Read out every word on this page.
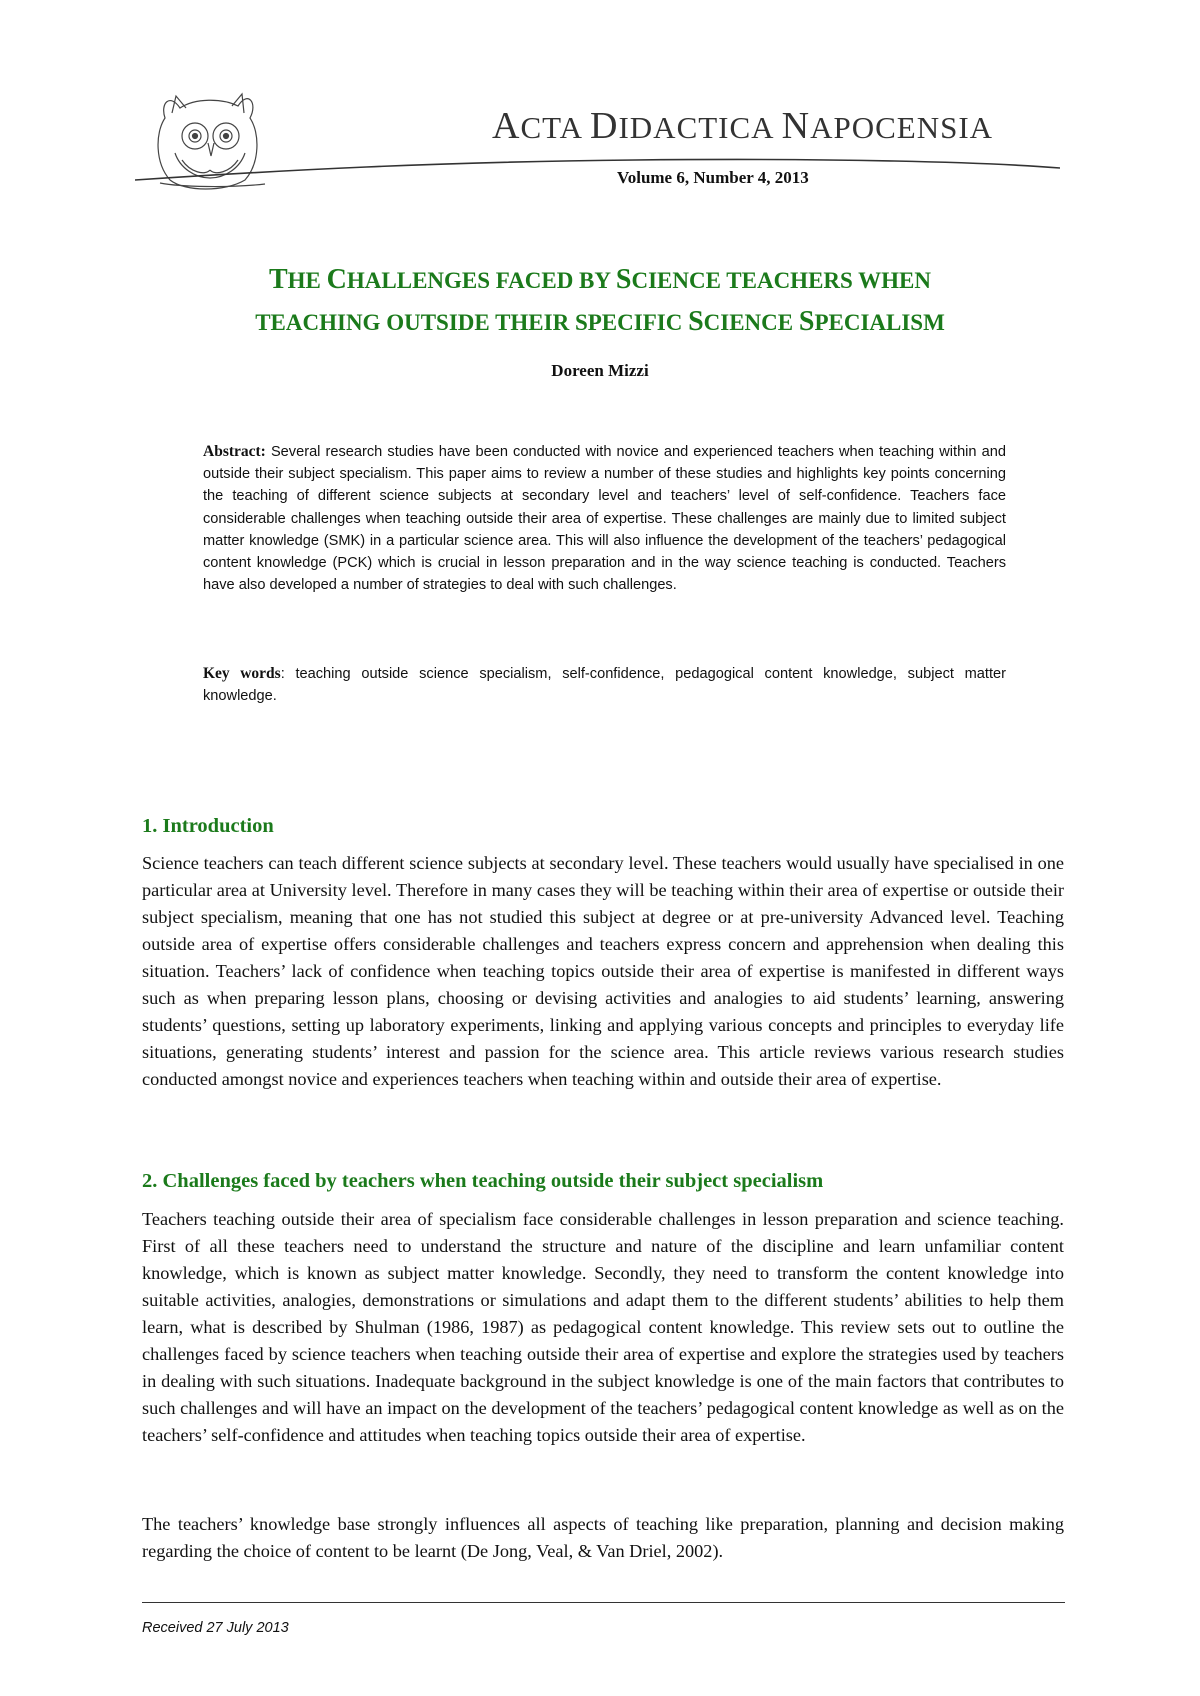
ACTA DIDACTICA NAPOCENSIA
Volume 6, Number 4, 2013
THE CHALLENGES FACED BY SCIENCE TEACHERS WHEN
TEACHING OUTSIDE THEIR SPECIFIC SCIENCE SPECIALISM
Doreen Mizzi
Abstract: Several research studies have been conducted with novice and experienced teachers when teaching within and outside their subject specialism. This paper aims to review a number of these studies and highlights key points concerning the teaching of different science subjects at secondary level and teachers’ level of self-confidence. Teachers face considerable challenges when teaching outside their area of expertise. These challenges are mainly due to limited subject matter knowledge (SMK) in a particular science area. This will also influence the development of the teachers’ pedagogical content knowledge (PCK) which is crucial in lesson preparation and in the way science teaching is conducted. Teachers have also developed a number of strategies to deal with such challenges.
Key words: teaching outside science specialism, self-confidence, pedagogical content knowledge, subject matter knowledge.
1. Introduction
Science teachers can teach different science subjects at secondary level. These teachers would usually have specialised in one particular area at University level. Therefore in many cases they will be teaching within their area of expertise or outside their subject specialism, meaning that one has not studied this subject at degree or at pre-university Advanced level. Teaching outside area of expertise offers considerable challenges and teachers express concern and apprehension when dealing this situation. Teachers’ lack of confidence when teaching topics outside their area of expertise is manifested in different ways such as when preparing lesson plans, choosing or devising activities and analogies to aid students’ learning, answering students’ questions, setting up laboratory experiments, linking and applying various concepts and principles to everyday life situations, generating students’ interest and passion for the science area. This article reviews various research studies conducted amongst novice and experiences teachers when teaching within and outside their area of expertise.
2. Challenges faced by teachers when teaching outside their subject specialism
Teachers teaching outside their area of specialism face considerable challenges in lesson preparation and science teaching. First of all these teachers need to understand the structure and nature of the discipline and learn unfamiliar content knowledge, which is known as subject matter knowledge. Secondly, they need to transform the content knowledge into suitable activities, analogies, demonstrations or simulations and adapt them to the different students’ abilities to help them learn, what is described by Shulman (1986, 1987) as pedagogical content knowledge. This review sets out to outline the challenges faced by science teachers when teaching outside their area of expertise and explore the strategies used by teachers in dealing with such situations. Inadequate background in the subject knowledge is one of the main factors that contributes to such challenges and will have an impact on the development of the teachers’ pedagogical content knowledge as well as on the teachers’ self-confidence and attitudes when teaching topics outside their area of expertise.
The teachers’ knowledge base strongly influences all aspects of teaching like preparation, planning and decision making regarding the choice of content to be learnt (De Jong, Veal, & Van Driel, 2002).
Received 27 July 2013
